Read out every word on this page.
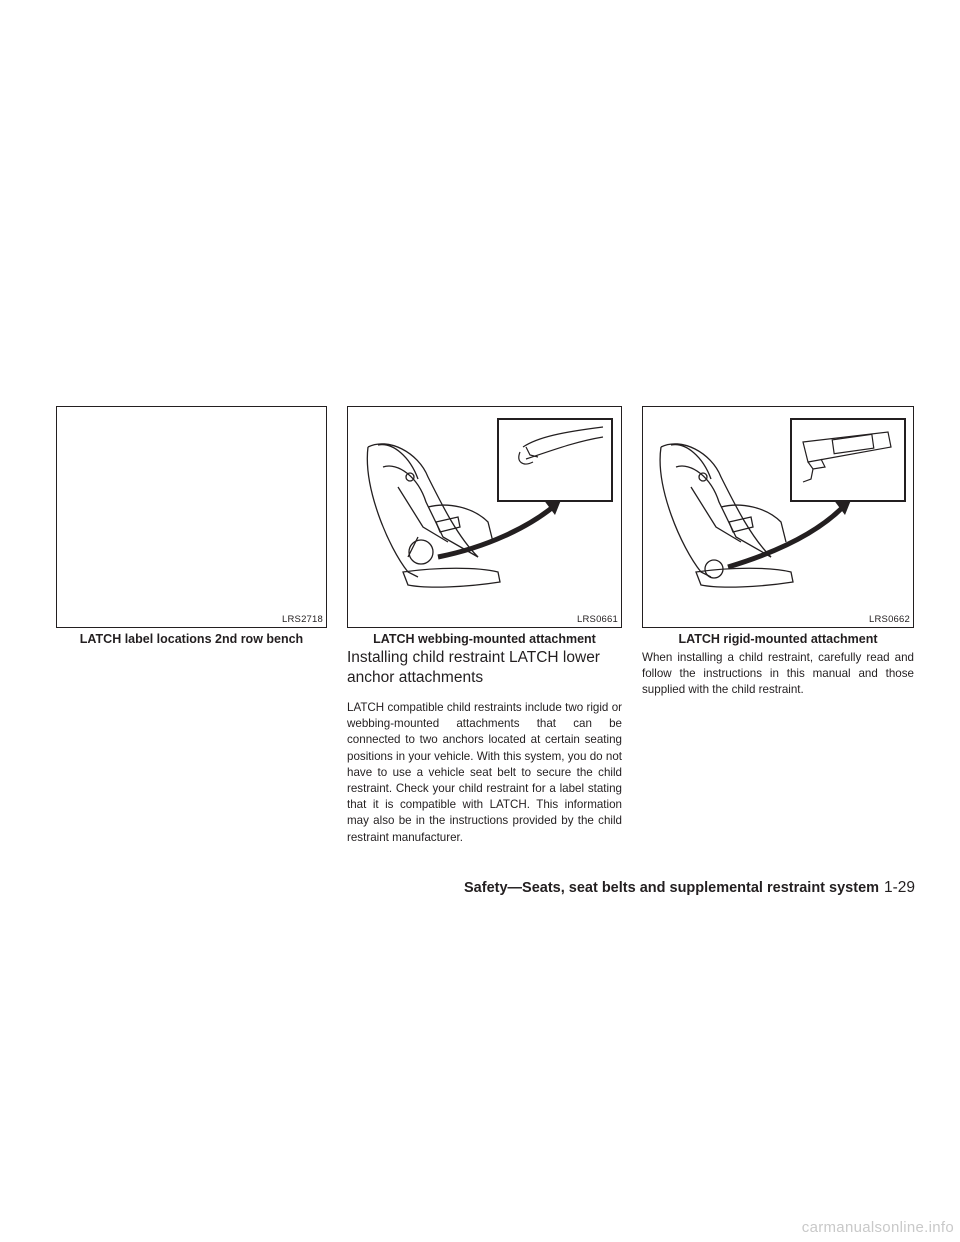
LRS2718
LATCH label locations 2nd row bench
LRS0661
LATCH webbing-mounted attachment
LRS0662
LATCH rigid-mounted attachment
Installing child restraint LATCH lower
anchor attachments

LATCH compatible child restraints include two rigid or webbing-mounted attachments that can be connected to two anchors located at certain seating positions in your vehicle. With this system, you do not have to use a vehicle seat belt to secure the child restraint. Check your child restraint for a label stating that it is compatible with LATCH. This information may also be in the instructions provided by the child restraint manufacturer.

When installing a child restraint, carefully read and follow the instructions in this manual and those supplied with the child restraint.

Safety—Seats, seat belts and supplemental restraint system 1-29
carmanualsonline.info
